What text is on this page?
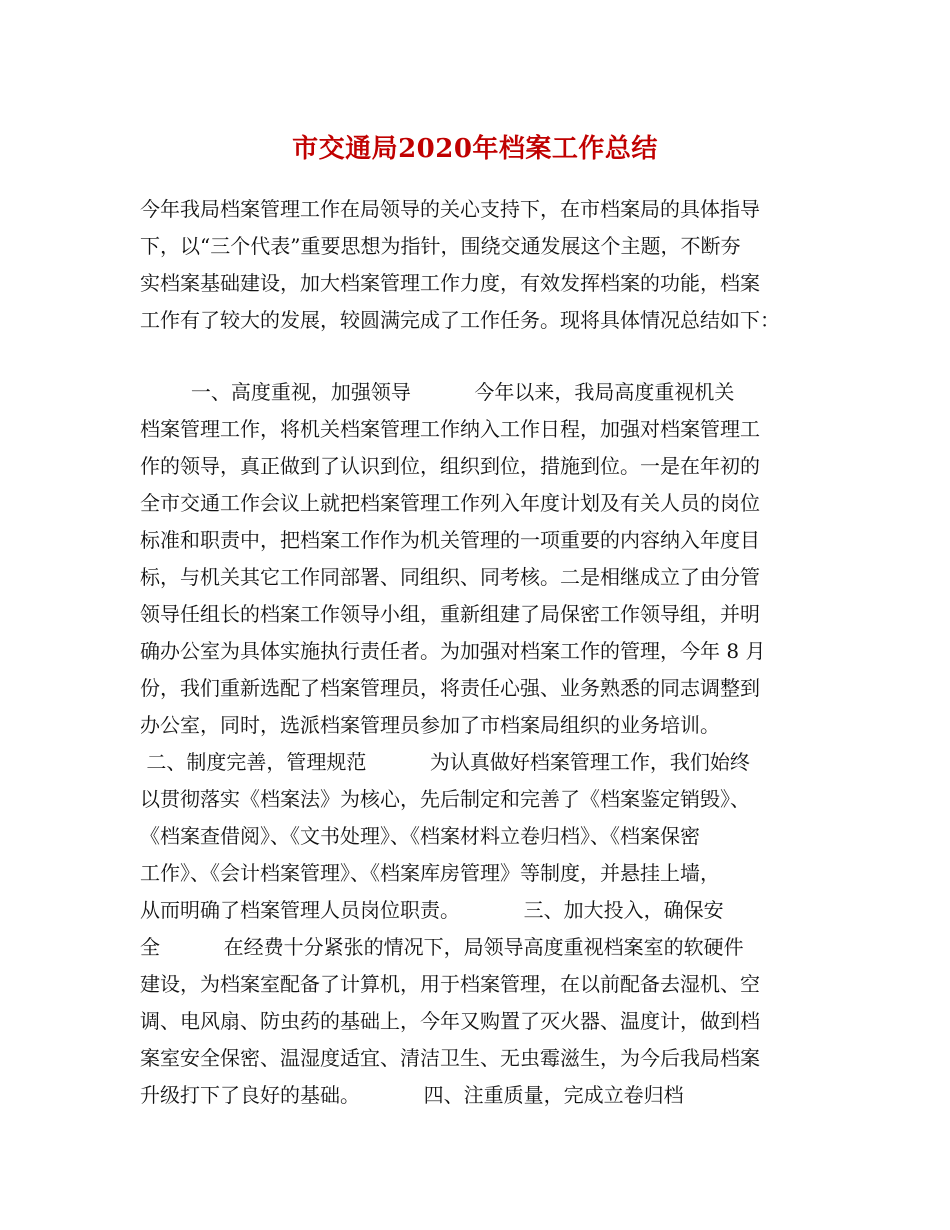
市交通局2020年档案工作总结
今年我局档案管理工作在局领导的关心支持下，在市档案局的具体指导
下，以“三个代表”重要思想为指针，围绕交通发展这个主题，不断夯
实档案基础建设，加大档案管理工作力度，有效发挥档案的功能，档案
工作有了较大的发展，较圆满完成了工作任务。现将具体情况总结如下：
一、高度重视，加强领导          今年以来，我局高度重视机关
档案管理工作，将机关档案管理工作纳入工作日程，加强对档案管理工
作的领导，真正做到了认识到位，组织到位，措施到位。一是在年初的
全市交通工作会议上就把档案管理工作列入年度计划及有关人员的岗位
标准和职责中，把档案工作作为机关管理的一项重要的内容纳入年度目
标，与机关其它工作同部署、同组织、同考核。二是相继成立了由分管
领导任组长的档案工作领导小组，重新组建了局保密工作领导组，并明
确办公室为具体实施执行责任者。为加强对档案工作的管理，今年 8 月
份，我们重新选配了档案管理员，将责任心强、业务熟悉的同志调整到
办公室，同时，选派档案管理员参加了市档案局组织的业务培训。
二、制度完善，管理规范          为认真做好档案管理工作，我们始终
以贯彻落实《档案法》为核心，先后制定和完善了《档案鉴定销毁》、
《档案查借阅》、《文书处理》、《档案材料立卷归档》、《档案保密
工作》、《会计档案管理》、《档案库房管理》等制度，并悬挂上墙，
从而明确了档案管理人员岗位职责。          三、加大投入，确保安
全          在经费十分紧张的情况下，局领导高度重视档案室的软硬件
建设，为档案室配备了计算机，用于档案管理，在以前配备去湿机、空
调、电风扇、防虫药的基础上，今年又购置了灭火器、温度计，做到档
案室安全保密、温湿度适宜、清洁卫生、无虫霉滋生，为今后我局档案
升级打下了良好的基础。          四、注重质量，完成立卷归档
